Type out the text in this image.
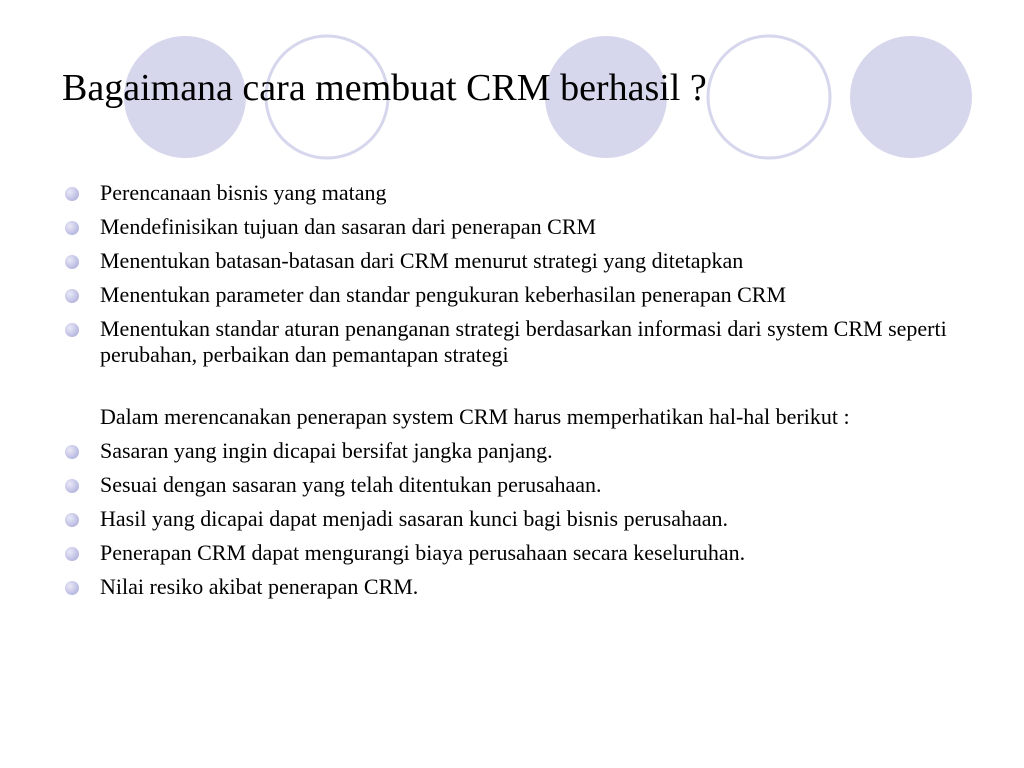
Bagaimana cara membuat CRM berhasil ?
Perencanaan bisnis yang matang
Mendefinisikan tujuan dan sasaran dari penerapan CRM
Menentukan batasan-batasan dari CRM menurut strategi yang ditetapkan
Menentukan parameter dan standar pengukuran keberhasilan penerapan CRM
Menentukan standar aturan penanganan strategi berdasarkan informasi dari system CRM seperti perubahan, perbaikan dan pemantapan strategi
Dalam merencanakan penerapan system CRM harus memperhatikan hal-hal berikut :
Sasaran yang ingin dicapai bersifat jangka panjang.
Sesuai dengan sasaran yang telah ditentukan perusahaan.
Hasil yang dicapai dapat menjadi sasaran kunci bagi bisnis perusahaan.
Penerapan CRM dapat mengurangi biaya perusahaan secara keseluruhan.
Nilai resiko akibat penerapan CRM.
